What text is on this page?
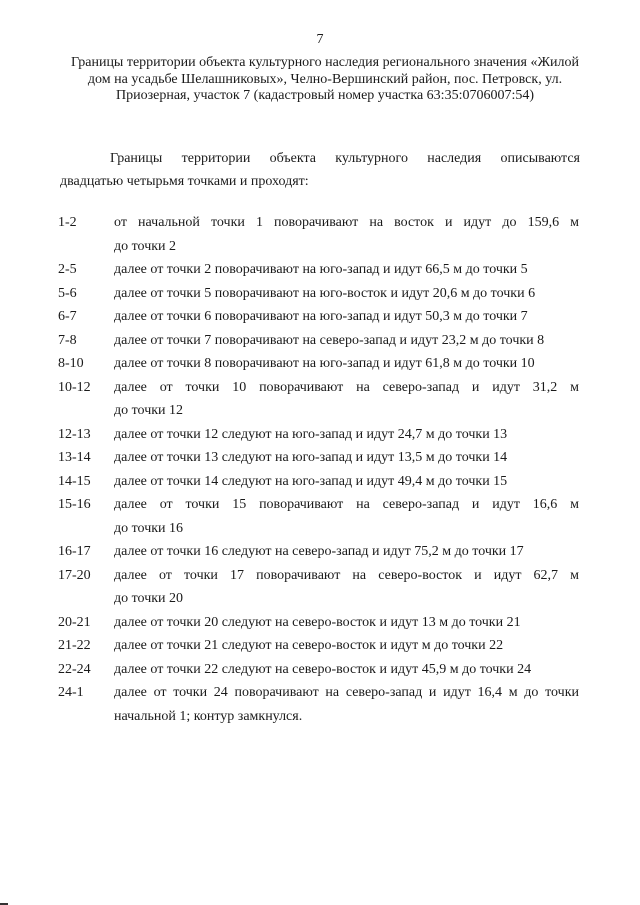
7
Границы территории объекта культурного наследия регионального значения «Жилой дом на усадьбе Шелашниковых», Челно-Вершинский район, пос. Петровск, ул. Приозерная, участок 7 (кадастровый номер участка 63:35:0706007:54)
Границы территории объекта культурного наследия описываются
двадцатью четырьмя точками и проходят:
1-2	от начальной точки 1 поворачивают на восток и идут до 159,6 м
до точки 2
2-5	далее от точки 2 поворачивают на юго-запад и идут 66,5 м до точки 5
5-6	далее от точки 5 поворачивают на юго-восток и идут 20,6 м до точки 6
6-7	далее от точки 6 поворачивают на юго-запад и идут 50,3 м до точки 7
7-8	далее от точки 7 поворачивают на северо-запад и идут 23,2 м до точки 8
8-10	далее от точки 8 поворачивают на юго-запад и идут 61,8 м до точки 10
10-12	далее от точки 10 поворачивают на северо-запад и идут 31,2 м
до точки 12
12-13	далее от точки 12 следуют на юго-запад и идут 24,7 м до точки 13
13-14	далее от точки 13 следуют на юго-запад и идут 13,5 м до точки 14
14-15	далее от точки 14 следуют на юго-запад и идут 49,4 м до точки 15
15-16	далее от точки 15 поворачивают на северо-запад и идут 16,6 м
до точки 16
16-17	далее от точки 16 следуют на северо-запад и идут 75,2 м до точки 17
17-20	далее от точки 17 поворачивают на северо-восток и идут 62,7 м
до точки 20
20-21	далее от точки 20 следуют на северо-восток и идут 13 м до точки 21
21-22	далее от точки 21 следуют на северо-восток и идут м до точки 22
22-24	далее от точки 22 следуют на северо-восток и идут 45,9 м до точки 24
24-1	далее от точки 24 поворачивают на северо-запад и идут 16,4 м до точки
начальной 1; контур замкнулся.
